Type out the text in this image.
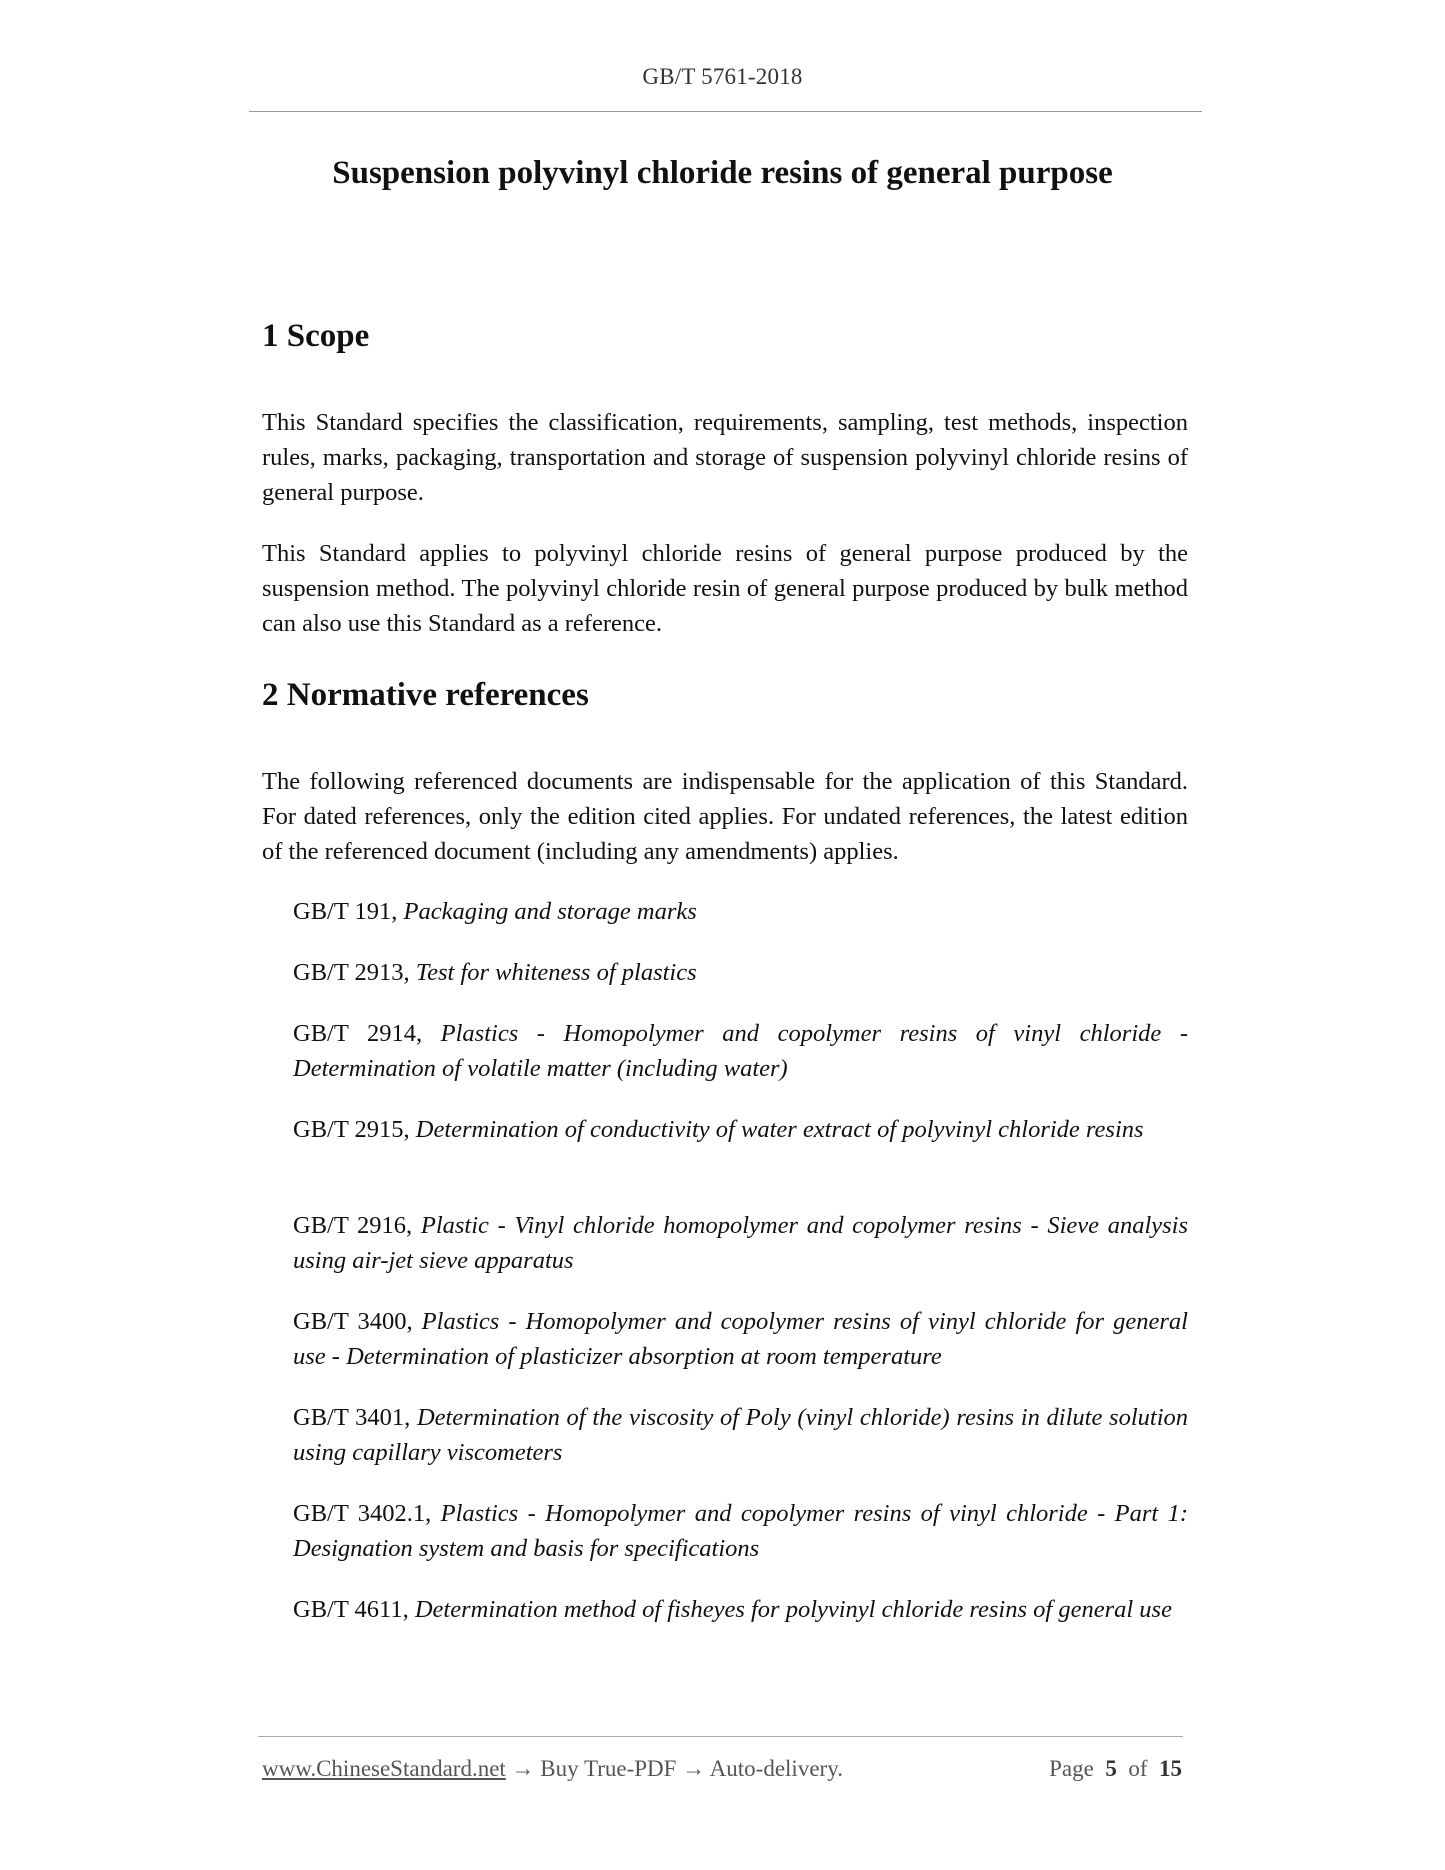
GB/T 5761-2018
Suspension polyvinyl chloride resins of general purpose
1 Scope

This Standard specifies the classification, requirements, sampling, test methods, inspection rules, marks, packaging, transportation and storage of suspension polyvinyl chloride resins of general purpose.

This Standard applies to polyvinyl chloride resins of general purpose produced by the suspension method. The polyvinyl chloride resin of general purpose produced by bulk method can also use this Standard as a reference.

2 Normative references

The following referenced documents are indispensable for the application of this Standard. For dated references, only the edition cited applies. For undated references, the latest edition of the referenced document (including any amendments) applies.

GB/T 191, Packaging and storage marks

GB/T 2913, Test for whiteness of plastics

GB/T 2914, Plastics - Homopolymer and copolymer resins of vinyl chloride - Determination of volatile matter (including water)

GB/T 2915, Determination of conductivity of water extract of polyvinyl chloride resins

GB/T 2916, Plastic - Vinyl chloride homopolymer and copolymer resins - Sieve analysis using air-jet sieve apparatus

GB/T 3400, Plastics - Homopolymer and copolymer resins of vinyl chloride for general use - Determination of plasticizer absorption at room temperature

GB/T 3401, Determination of the viscosity of Poly (vinyl chloride) resins in dilute solution using capillary viscometers

GB/T 3402.1, Plastics - Homopolymer and copolymer resins of vinyl chloride - Part 1: Designation system and basis for specifications

GB/T 4611, Determination method of fisheyes for polyvinyl chloride resins of general use

www.ChineseStandard.net → Buy True-PDF → Auto-delivery.	Page 5 of 15
